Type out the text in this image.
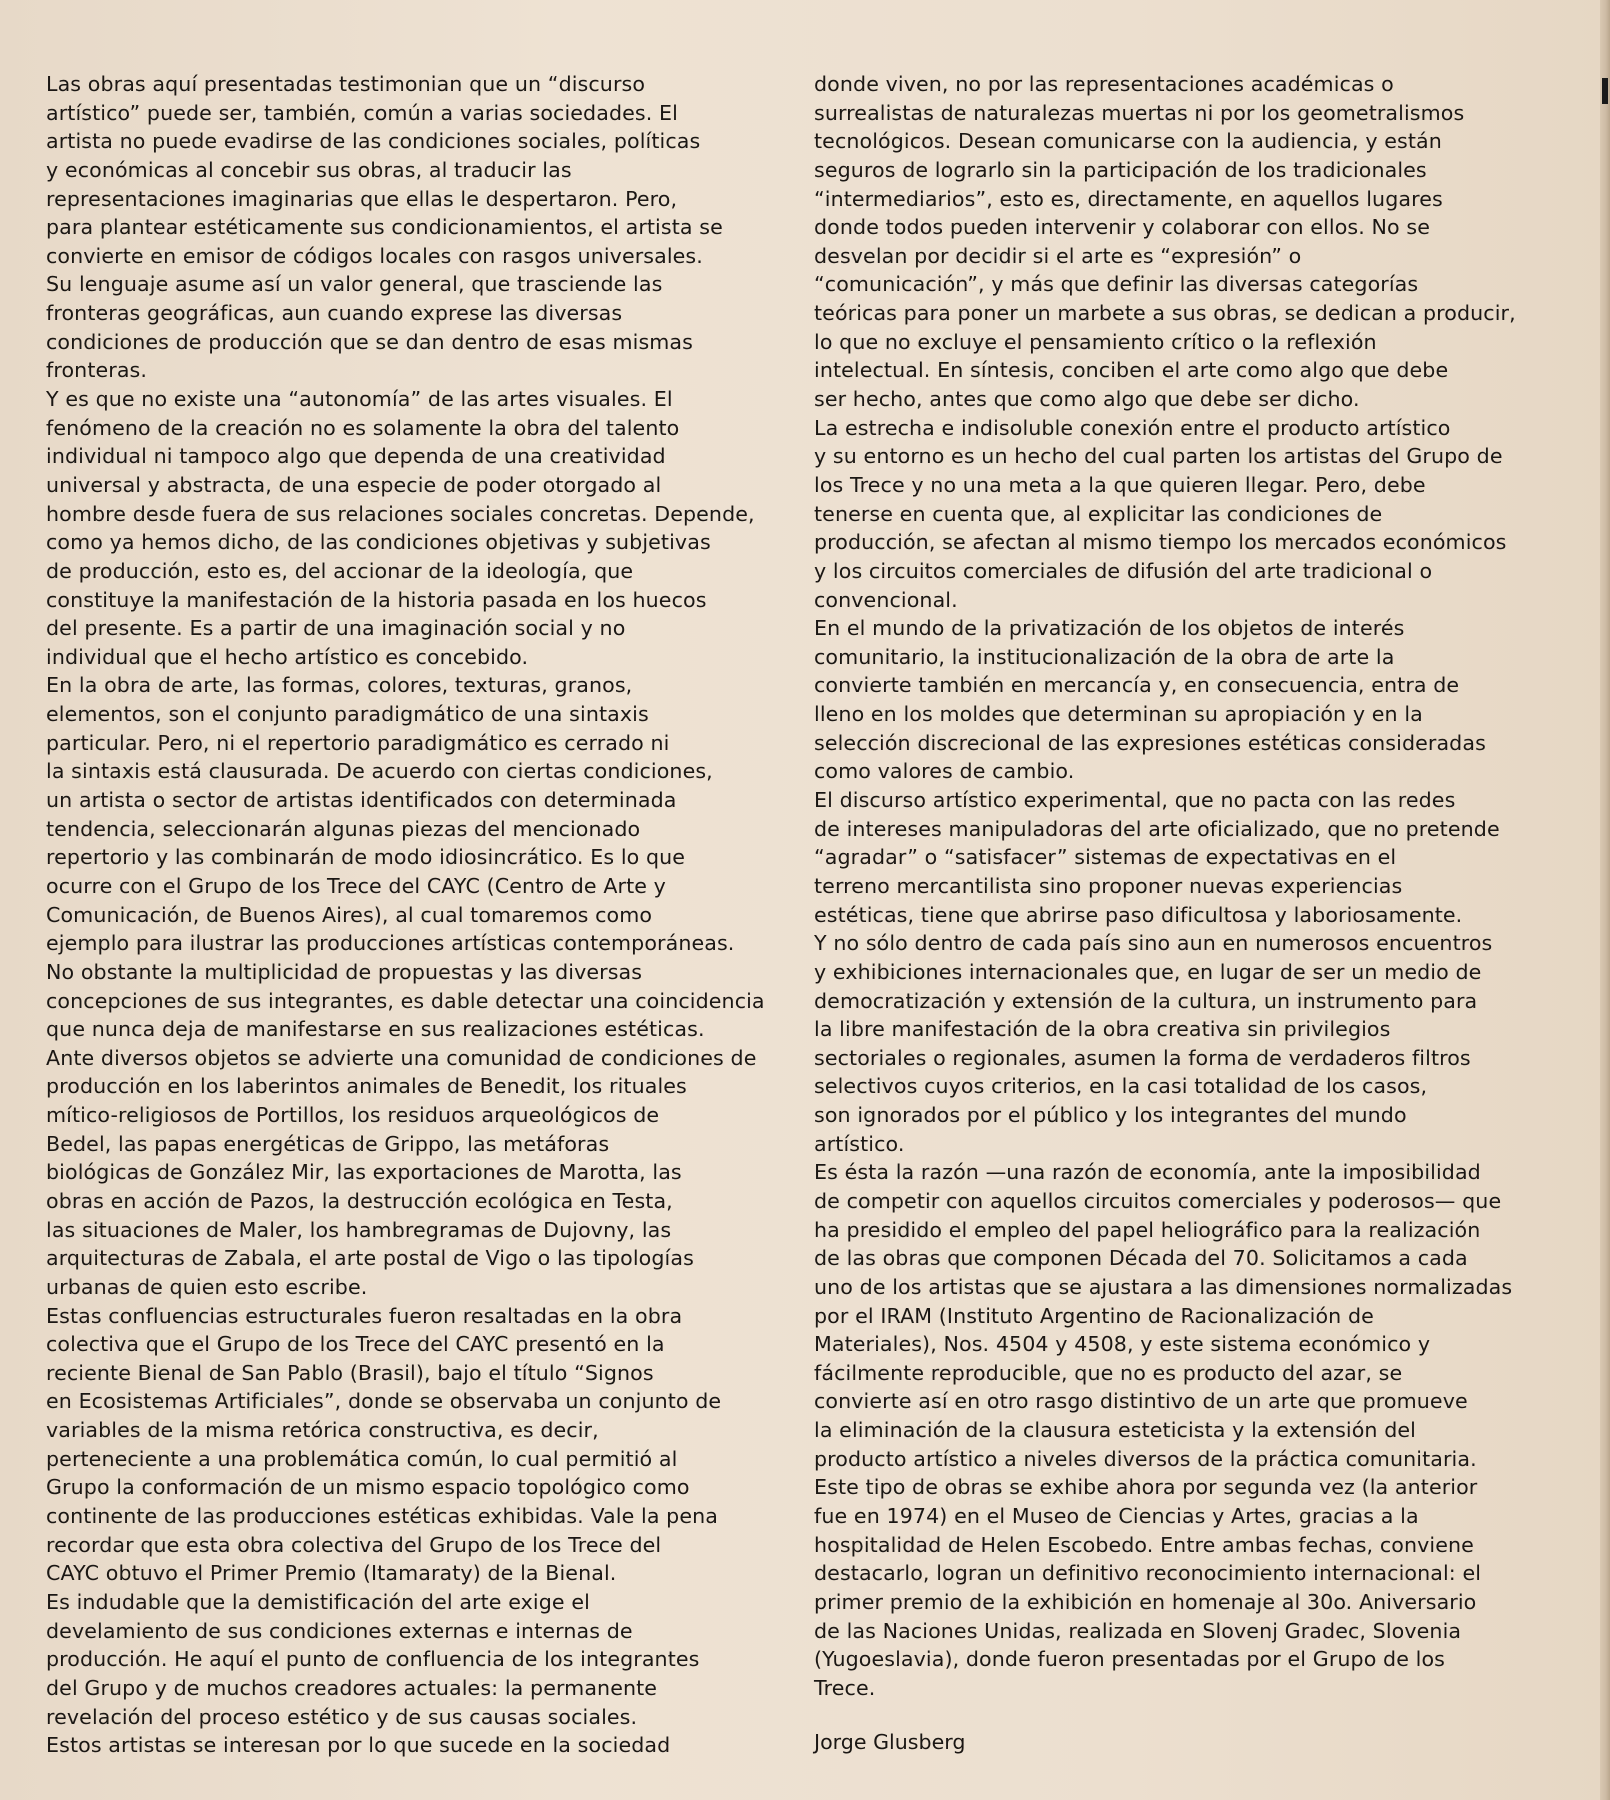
Las obras aquí presentadas testimonian que un “discurso
artístico” puede ser, también, común a varias sociedades. El
artista no puede evadirse de las condiciones sociales, políticas
y económicas al concebir sus obras, al traducir las
representaciones imaginarias que ellas le despertaron. Pero,
para plantear estéticamente sus condicionamientos, el artista se
convierte en emisor de códigos locales con rasgos universales.
Su lenguaje asume así un valor general, que trasciende las
fronteras geográficas, aun cuando exprese las diversas
condiciones de producción que se dan dentro de esas mismas
fronteras.
Y es que no existe una “autonomía” de las artes visuales. El
fenómeno de la creación no es solamente la obra del talento
individual ni tampoco algo que dependa de una creatividad
universal y abstracta, de una especie de poder otorgado al
hombre desde fuera de sus relaciones sociales concretas. Depende,
como ya hemos dicho, de las condiciones objetivas y subjetivas
de producción, esto es, del accionar de la ideología, que
constituye la manifestación de la historia pasada en los huecos
del presente. Es a partir de una imaginación social y no
individual que el hecho artístico es concebido.
En la obra de arte, las formas, colores, texturas, granos,
elementos, son el conjunto paradigmático de una sintaxis
particular. Pero, ni el repertorio paradigmático es cerrado ni
la sintaxis está clausurada. De acuerdo con ciertas condiciones,
un artista o sector de artistas identificados con determinada
tendencia, seleccionarán algunas piezas del mencionado
repertorio y las combinarán de modo idiosincrático. Es lo que
ocurre con el Grupo de los Trece del CAYC (Centro de Arte y
Comunicación, de Buenos Aires), al cual tomaremos como
ejemplo para ilustrar las producciones artísticas contemporáneas.
No obstante la multiplicidad de propuestas y las diversas
concepciones de sus integrantes, es dable detectar una coincidencia
que nunca deja de manifestarse en sus realizaciones estéticas.
Ante diversos objetos se advierte una comunidad de condiciones de
producción en los laberintos animales de Benedit, los rituales
mítico-religiosos de Portillos, los residuos arqueológicos de
Bedel, las papas energéticas de Grippo, las metáforas
biológicas de González Mir, las exportaciones de Marotta, las
obras en acción de Pazos, la destrucción ecológica en Testa,
las situaciones de Maler, los hambregramas de Dujovny, las
arquitecturas de Zabala, el arte postal de Vigo o las tipologías
urbanas de quien esto escribe.
Estas confluencias estructurales fueron resaltadas en la obra
colectiva que el Grupo de los Trece del CAYC presentó en la
reciente Bienal de San Pablo (Brasil), bajo el título “Signos
en Ecosistemas Artificiales”, donde se observaba un conjunto de
variables de la misma retórica constructiva, es decir,
perteneciente a una problemática común, lo cual permitió al
Grupo la conformación de un mismo espacio topológico como
continente de las producciones estéticas exhibidas. Vale la pena
recordar que esta obra colectiva del Grupo de los Trece del
CAYC obtuvo el Primer Premio (Itamaraty) de la Bienal.
Es indudable que la demistificación del arte exige el
develamiento de sus condiciones externas e internas de
producción. He aquí el punto de confluencia de los integrantes
del Grupo y de muchos creadores actuales: la permanente
revelación del proceso estético y de sus causas sociales.
Estos artistas se interesan por lo que sucede en la sociedad
donde viven, no por las representaciones académicas o
surrealistas de naturalezas muertas ni por los geometralismos
tecnológicos. Desean comunicarse con la audiencia, y están
seguros de lograrlo sin la participación de los tradicionales
“intermediarios”, esto es, directamente, en aquellos lugares
donde todos pueden intervenir y colaborar con ellos. No se
desvelan por decidir si el arte es “expresión” o
“comunicación”, y más que definir las diversas categorías
teóricas para poner un marbete a sus obras, se dedican a producir,
lo que no excluye el pensamiento crítico o la reflexión
intelectual. En síntesis, conciben el arte como algo que debe
ser hecho, antes que como algo que debe ser dicho.
La estrecha e indisoluble conexión entre el producto artístico
y su entorno es un hecho del cual parten los artistas del Grupo de
los Trece y no una meta a la que quieren llegar. Pero, debe
tenerse en cuenta que, al explicitar las condiciones de
producción, se afectan al mismo tiempo los mercados económicos
y los circuitos comerciales de difusión del arte tradicional o
convencional.
En el mundo de la privatización de los objetos de interés
comunitario, la institucionalización de la obra de arte la
convierte también en mercancía y, en consecuencia, entra de
lleno en los moldes que determinan su apropiación y en la
selección discrecional de las expresiones estéticas consideradas
como valores de cambio.
El discurso artístico experimental, que no pacta con las redes
de intereses manipuladoras del arte oficializado, que no pretende
“agradar” o “satisfacer” sistemas de expectativas en el
terreno mercantilista sino proponer nuevas experiencias
estéticas, tiene que abrirse paso dificultosa y laboriosamente.
Y no sólo dentro de cada país sino aun en numerosos encuentros
y exhibiciones internacionales que, en lugar de ser un medio de
democratización y extensión de la cultura, un instrumento para
la libre manifestación de la obra creativa sin privilegios
sectoriales o regionales, asumen la forma de verdaderos filtros
selectivos cuyos criterios, en la casi totalidad de los casos,
son ignorados por el público y los integrantes del mundo
artístico.
Es ésta la razón —una razón de economía, ante la imposibilidad
de competir con aquellos circuitos comerciales y poderosos— que
ha presidido el empleo del papel heliográfico para la realización
de las obras que componen Década del 70. Solicitamos a cada
uno de los artistas que se ajustara a las dimensiones normalizadas
por el IRAM (Instituto Argentino de Racionalización de
Materiales), Nos. 4504 y 4508, y este sistema económico y
fácilmente reproducible, que no es producto del azar, se
convierte así en otro rasgo distintivo de un arte que promueve
la eliminación de la clausura esteticista y la extensión del
producto artístico a niveles diversos de la práctica comunitaria.
Este tipo de obras se exhibe ahora por segunda vez (la anterior
fue en 1974) en el Museo de Ciencias y Artes, gracias a la
hospitalidad de Helen Escobedo. Entre ambas fechas, conviene
destacarlo, logran un definitivo reconocimiento internacional: el
primer premio de la exhibición en homenaje al 30o. Aniversario
de las Naciones Unidas, realizada en Slovenj Gradec, Slovenia
(Yugoeslavia), donde fueron presentadas por el Grupo de los
Trece.
Jorge Glusberg
